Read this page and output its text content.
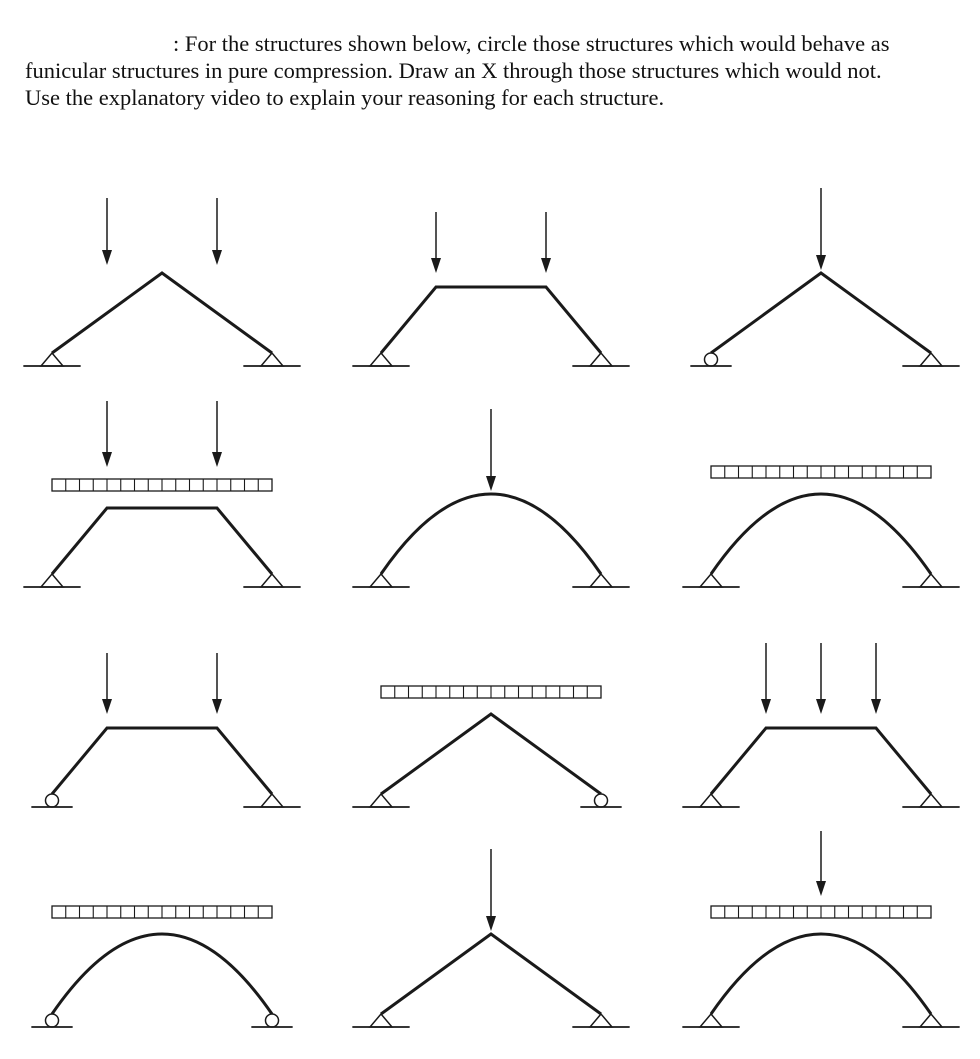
: For the structures shown below, circle those structures which would behave as
funicular structures in pure compression. Draw an X through those structures which would not.
Use the explanatory video to explain your reasoning for each structure.
